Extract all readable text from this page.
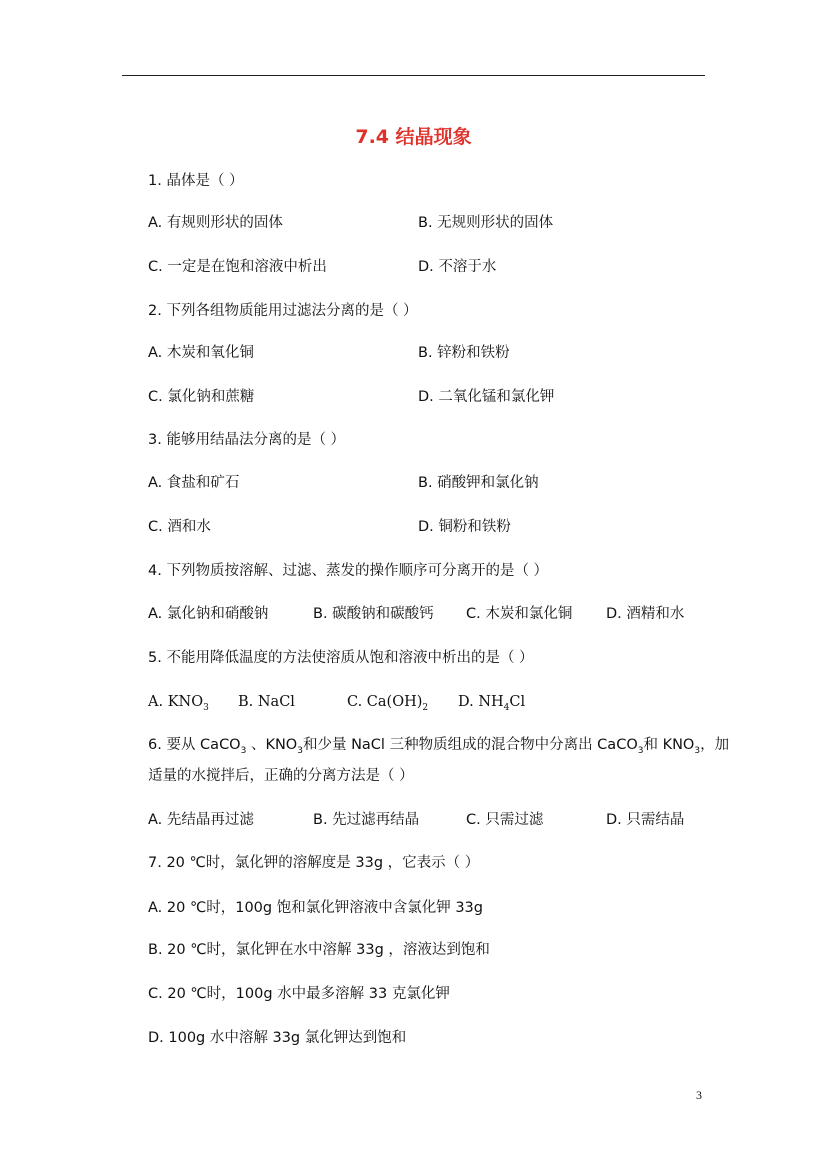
7.4 结晶现象
1. 晶体是（ ）
A. 有规则形状的固体	B. 无规则形状的固体
C. 一定是在饱和溶液中析出	D. 不溶于水
2. 下列各组物质能用过滤法分离的是（ ）
A. 木炭和氧化铜	B. 锌粉和铁粉
C. 氯化钠和蔗糖	D. 二氧化锰和氯化钾
3. 能够用结晶法分离的是（ ）
A. 食盐和矿石	B. 硝酸钾和氯化钠
C. 酒和水	D. 铜粉和铁粉
4. 下列物质按溶解、过滤、蒸发的操作顺序可分离开的是（ ）
A. 氯化钠和硝酸钠	B. 碳酸钠和碳酸钙 C. 木炭和氯化铜 D. 酒精和水
5. 不能用降低温度的方法使溶质从饱和溶液中析出的是（ ）
A. $KNO_3$ B. NaCl	C. $Ca(OH)_2$ D. $NH_4Cl$
6. 要从 CaCO$_3$ 、$KNO_3$和少量 NaCl 三种物质组成的混合物中分离出 CaCO$_3$和 $KNO_3$，加
适量的水搅拌后，正确的分离方法是（ ）
A. 先结晶再过滤	B. 先过滤再结晶	C. 只需过滤	D. 只需结晶
7. 20 ℃时，氯化钾的溶解度是 33g ，它表示（ ）
A. 20 ℃时，100g 饱和氯化钾溶液中含氯化钾 33g
B. 20 ℃时，氯化钾在水中溶解 33g ，溶液达到饱和
C. 20 ℃时，100g 水中最多溶解 33 克氯化钾
D. 100g 水中溶解 33g 氯化钾达到饱和
3
